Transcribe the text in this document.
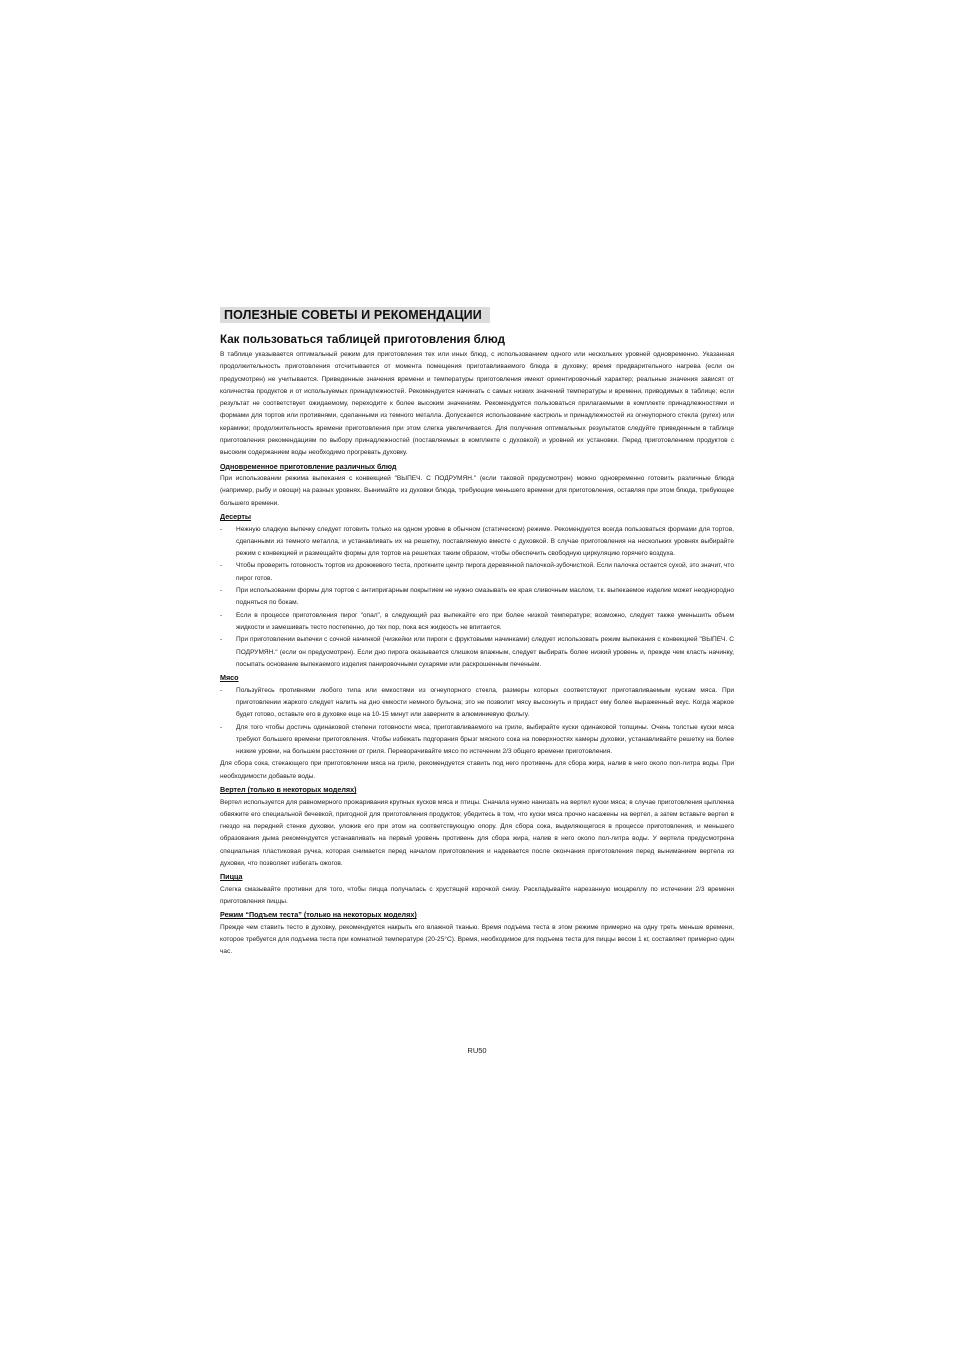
ПОЛЕЗНЫЕ СОВЕТЫ И РЕКОМЕНДАЦИИ
Как пользоваться таблицей приготовления блюд

В таблице указывается оптимальный режим для приготовления тех или иных блюд, с использованием одного или нескольких уровней одновременно. Указанная продолжительность приготовления отсчитывается от момента помещения приготавливаемого блюда в духовку; время предварительного нагрева (если он предусмотрен) не учитывается. Приведенные значения времени и температуры приготовления имеют ориентировочный характер; реальные значения зависят от количества продуктов и от используемых принадлежностей. Рекомендуется начинать с самых низких значений температуры и времени, приводимых в таблице; если результат не соответствует ожидаемому, переходите к более высоким значениям. Рекомендуется пользоваться прилагаемыми в комплекте принадлежностями и формами для тортов или противнями, сделанными из темного металла. Допускается использование кастрюль и принадлежностей из огнеупорного стекла (pyrex) или керамики; продолжительность времени приготовления при этом слегка увеличивается. Для получения оптимальных результатов следуйте приведенным в таблице приготовления рекомендациям по выбору принадлежностей (поставляемых в комплекте с духовкой) и уровней их установки. Перед приготовлением продуктов с высоким содержанием воды необходимо прогревать духовку.

Одновременное приготовление различных блюд

При использовании режима выпекания с конвекцией "ВЫПЕЧ. С ПОДРУМЯН." (если таковой предусмотрен) можно одновременно готовить различные блюда (например, рыбу и овощи) на разных уровнях. Вынимайте из духовки блюда, требующие меньшего времени для приготовления, оставляя при этом блюда, требующее большего времени.

Десерты
- Нежную сладкую выпечку следует готовить только на одном уровне в обычном (статическом) режиме. Рекомендуется всегда пользоваться формами для тортов, сделанными из темного металла, и устанавливать их на решетку, поставляемую вместе с духовкой. В случае приготовления на нескольких уровнях выбирайте режим с конвекцией и размещайте формы для тортов на решетках таким образом, чтобы обеспечить свободную циркуляцию горячего воздуха.
- Чтобы проверить готовность тортов из дрожжевого теста, проткните центр пирога деревянной палочкой-зубочисткой. Если палочка остается сухой, это значит, что пирог готов.
- При использовании формы для тортов с антипригарным покрытием не нужно смазывать ее края сливочным маслом, т.к. выпекаемое изделие может неоднородно подняться по бокам.
- Если в процессе приготовления пирог "опал", в следующий раз выпекайте его при более низкой температуре; возможно, следует также уменьшить объем жидкости и замешивать тесто постепенно, до тех пор, пока вся жидкость не впитается.
- При приготовлении выпечки с сочной начинкой (чизкейки или пироги с фруктовыми начинками) следует использовать режим выпекания с конвекцией "ВЫПЕЧ. С ПОДРУМЯН." (если он предусмотрен). Если дно пирога оказывается слишком влажным, следует выбирать более низкий уровень и, прежде чем класть начинку, посыпать основание выпекаемого изделия панировочными сухарями или раскрошенным печеньем.
Мясо
- Пользуйтесь противнями любого типа или емкостями из огнеупорного стекла, размеры которых соответствуют приготавливаемым кускам мяса. При приготовлении жаркого следует налить на дно емкости немного бульона; это не позволит мясу высохнуть и придаст ему более выраженный вкус. Когда жаркое будет готово, оставьте его в духовке еще на 10-15 минут или заверните в алюминиевую фольгу.
- Для того чтобы достичь одинаковой степени готовности мяса, приготавливаемого на гриле, выбирайте куски одинаковой толщины. Очень толстые куски мяса требуют большего времени приготовления. Чтобы избежать подгорания брызг мясного сока на поверхностях камеры духовки, устанавливайте решетку на более низкие уровни, на большем расстоянии от гриля. Переворачивайте мясо по истечении 2/3 общего времени приготовления.

Для сбора сока, стекающего при приготовлении мяса на гриле, рекомендуется ставить под него противень для сбора жира, налив в него около пол-литра воды. При необходимости добавьте воды.

Вертел (только в некоторых моделях)

Вертел используется для равномерного прожаривания крупных кусков мяса и птицы. Сначала нужно нанизать на вертел куски мяса; в случае приготовления цыпленка обвяжите его специальной бечевкой, пригодной для приготовления продуктов; убедитесь в том, что куски мяса прочно насажены на вертел, а затем вставьте вертел в гнездо на передней стенке духовки, уложив его при этом на соответствующую опору. Для сбора сока, выделяющегося в процессе приготовления, и меньшего образования дыма рекомендуется устанавливать на первый уровень противень для сбора жира, налив в него около пол-литра воды. У вертела предусмотрена специальная пластиковая ручка, которая снимается перед началом приготовления и надевается после окончания приготовления перед выниманием вертела из духовки, что позволяет избегать ожогов.

Пицца

Слегка смазывайте противни для того, чтобы пицца получалась с хрустящей корочкой снизу. Раскладывайте нарезанную моцареллу по истечении 2/3 времени приготовления пиццы.

Режим “Подъем теста” (только на некоторых моделях)

Прежде чем ставить тесто в духовку, рекомендуется накрыть его влажной тканью. Время подъема теста в этом режиме примерно на одну треть меньше времени, которое требуется для подъема теста при комнатной температуре (20-25°C). Время, необходимое для подъема теста для пиццы весом 1 кг, составляет примерно один час.

RU50
